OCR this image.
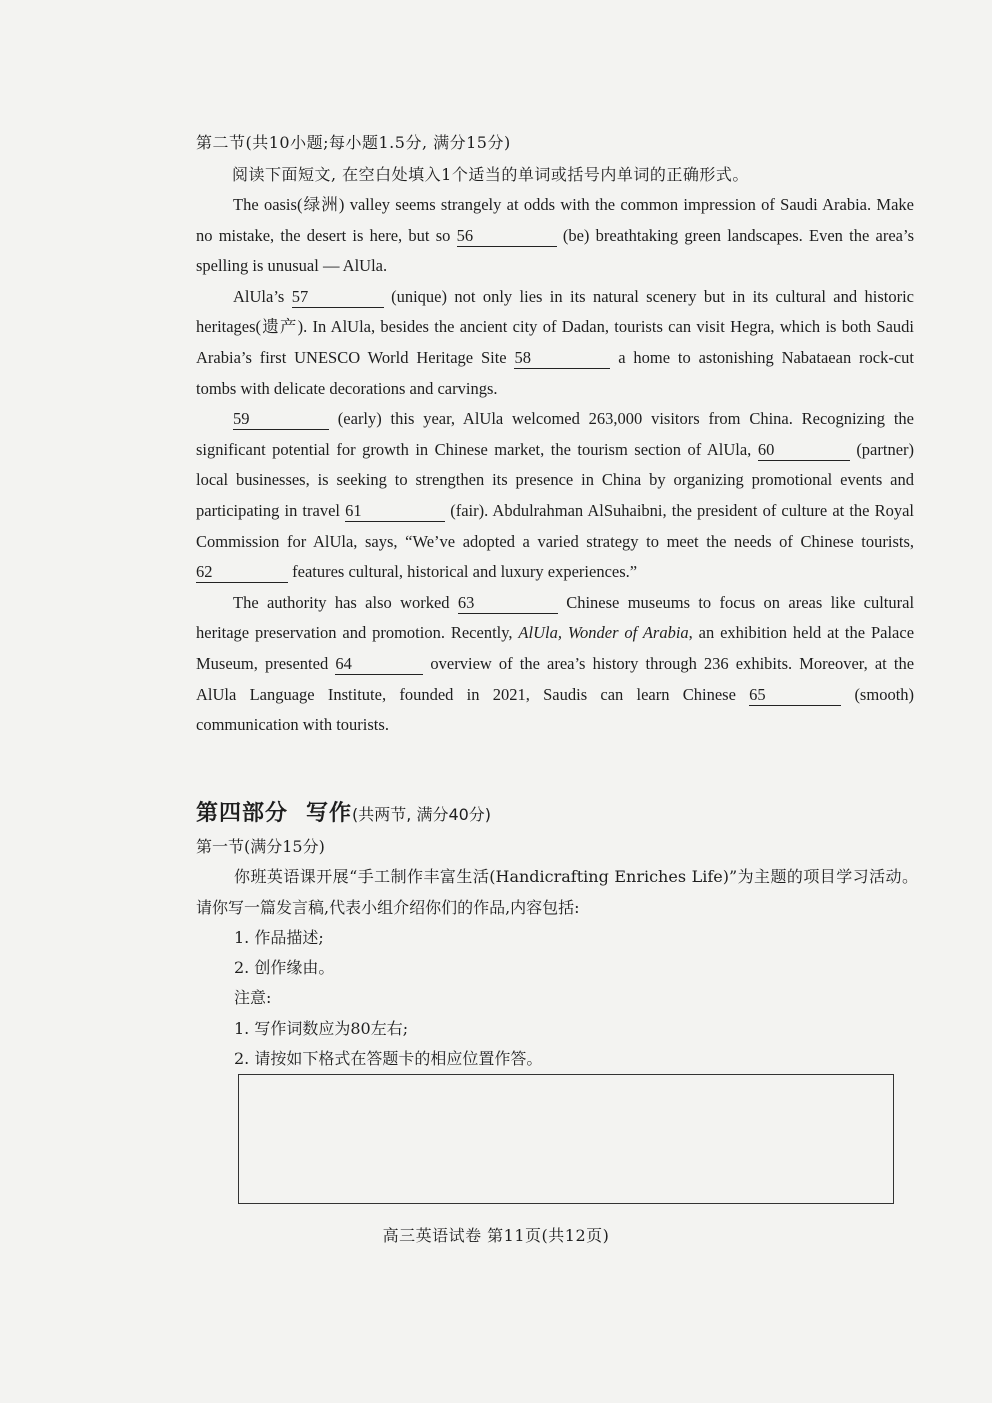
第二节(共10小题;每小题1.5分, 满分15分)
阅读下面短文, 在空白处填入1个适当的单词或括号内单词的正确形式。

The oasis(绿洲) valley seems strangely at odds with the common impression of Saudi Arabia. Make no mistake, the desert is here, but so 56	(be) breathtaking green landscapes. Even the area’s spelling is unusual — AlUla.

AlUla’s 57	(unique) not only lies in its natural scenery but in its cultural and historic heritages(遗产). In AlUla, besides the ancient city of Dadan, tourists can visit Hegra, which is both Saudi Arabia’s first UNESCO World Heritage Site 58	a home to astonishing Nabataean rock-cut tombs with delicate decorations and carvings.

59	(early) this year, AlUla welcomed 263,000 visitors from China. Recognizing the significant potential for growth in Chinese market, the tourism section of AlUla, 60	(partner) local businesses, is seeking to strengthen its presence in China by organizing promotional events and participating in travel 61	(fair). Abdulrahman AlSuhaibni, the president of culture at the Royal Commission for AlUla, says, “We’ve adopted a varied strategy to meet the needs of Chinese tourists, 62	features cultural, historical and luxury experiences.”

The authority has also worked 63	Chinese museums to focus on areas like cultural heritage preservation and promotion. Recently, AlUla, Wonder of Arabia, an exhibition held at the Palace Museum, presented 64	overview of the area’s history through 236 exhibits. Moreover, at the AlUla Language Institute, founded in 2021, Saudis can learn Chinese 65	(smooth) communication with tourists.

第四部分 写作(共两节, 满分40分)
第一节(满分15分)
你班英语课开展“手工制作丰富生活(Handicrafting Enriches Life)”为主题的项目学习活动。请你写一篇发言稿,代表小组介绍你们的作品,内容包括:
1. 作品描述;
2. 创作缘由。
注意:
1. 写作词数应为80左右;
2. 请按如下格式在答题卡的相应位置作答。
高三英语试卷 第11页(共12页)
